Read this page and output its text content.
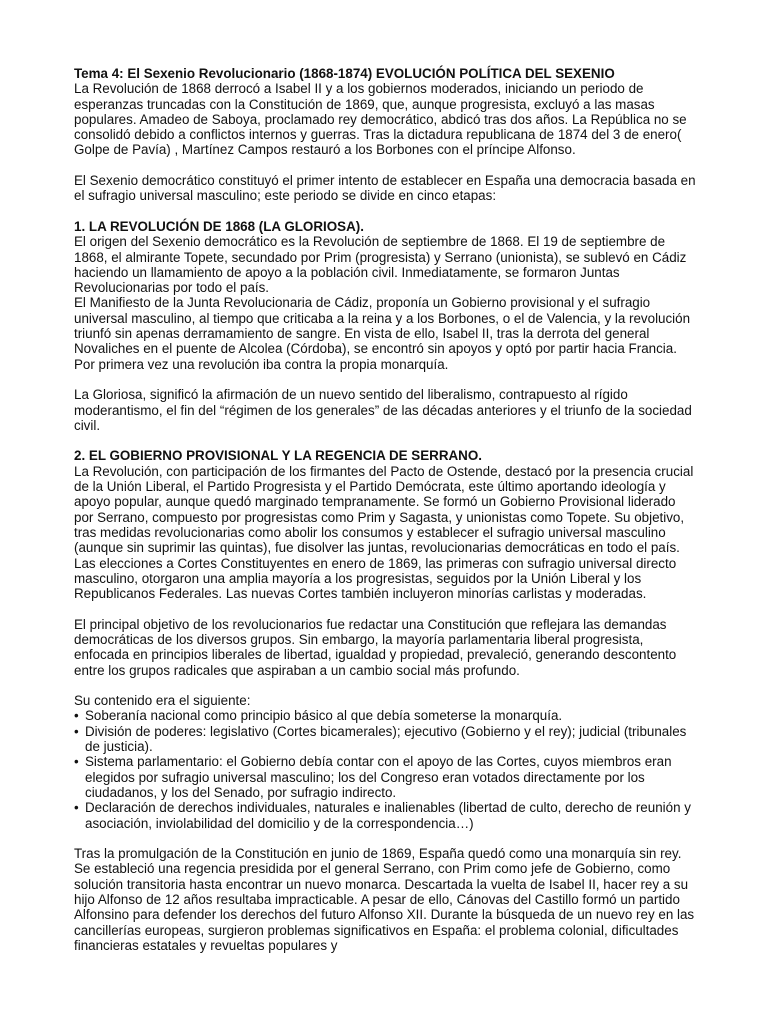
Tema 4: El Sexenio Revolucionario (1868-1874) EVOLUCIÓN POLÍTICA DEL SEXENIO

La Revolución de 1868 derrocó a Isabel II y a los gobiernos moderados, iniciando un periodo de esperanzas truncadas con la Constitución de 1869, que, aunque progresista, excluyó a las masas populares. Amadeo de Saboya, proclamado rey democrático, abdicó tras dos años. La República no se consolidó debido a conflictos internos y guerras. Tras la dictadura republicana de 1874 del 3 de enero( Golpe de Pavía) , Martínez Campos restauró a los Borbones con el príncipe Alfonso.

El Sexenio democrático constituyó el primer intento de establecer en España una democracia basada en el sufragio universal masculino; este periodo se divide en cinco etapas:

1. LA REVOLUCIÓN DE 1868 (LA GLORIOSA).

El origen del Sexenio democrático es la Revolución de septiembre de 1868. El 19 de septiembre de 1868, el almirante Topete, secundado por Prim (progresista) y Serrano (unionista), se sublevó en Cádiz haciendo un llamamiento de apoyo a la población civil. Inmediatamente, se formaron Juntas Revolucionarias por todo el país.

El Manifiesto de la Junta Revolucionaria de Cádiz, proponía un Gobierno provisional y el sufragio universal masculino, al tiempo que criticaba a la reina y a los Borbones, o el de Valencia, y la revolución triunfó sin apenas derramamiento de sangre. En vista de ello, Isabel II, tras la derrota del general Novaliches en el puente de Alcolea (Córdoba), se encontró sin apoyos y optó por partir hacia Francia. Por primera vez una revolución iba contra la propia monarquía.

La Gloriosa, significó la afirmación de un nuevo sentido del liberalismo, contrapuesto al rígido moderantismo, el fin del “régimen de los generales” de las décadas anteriores y el triunfo de la sociedad civil.

2. EL GOBIERNO PROVISIONAL Y LA REGENCIA DE SERRANO.

La Revolución, con participación de los firmantes del Pacto de Ostende, destacó por la presencia crucial de la Unión Liberal, el Partido Progresista y el Partido Demócrata, este último aportando ideología y apoyo popular, aunque quedó marginado tempranamente. Se formó un Gobierno Provisional liderado por Serrano, compuesto por progresistas como Prim y Sagasta, y unionistas como Topete. Su objetivo, tras medidas revolucionarias como abolir los consumos y establecer el sufragio universal masculino (aunque sin suprimir las quintas), fue disolver las juntas, revolucionarias democráticas en todo el país. Las elecciones a Cortes Constituyentes en enero de 1869, las primeras con sufragio universal directo masculino, otorgaron una amplia mayoría a los progresistas, seguidos por la Unión Liberal y los Republicanos Federales. Las nuevas Cortes también incluyeron minorías carlistas y moderadas.

El principal objetivo de los revolucionarios fue redactar una Constitución que reflejara las demandas democráticas de los diversos grupos. Sin embargo, la mayoría parlamentaria liberal progresista, enfocada en principios liberales de libertad, igualdad y propiedad, prevaleció, generando descontento entre los grupos radicales que aspiraban a un cambio social más profundo.

Su contenido era el siguiente:

• Soberanía nacional como principio básico al que debía someterse la monarquía.
• División de poderes: legislativo (Cortes bicamerales); ejecutivo (Gobierno y el rey); judicial (tribunales de justicia).
• Sistema parlamentario: el Gobierno debía contar con el apoyo de las Cortes, cuyos miembros eran elegidos por sufragio universal masculino; los del Congreso eran votados directamente por los ciudadanos, y los del Senado, por sufragio indirecto.
• Declaración de derechos individuales, naturales e inalienables (libertad de culto, derecho de reunión y asociación, inviolabilidad del domicilio y de la correspondencia…)

Tras la promulgación de la Constitución en junio de 1869, España quedó como una monarquía sin rey. Se estableció una regencia presidida por el general Serrano, con Prim como jefe de Gobierno, como solución transitoria hasta encontrar un nuevo monarca. Descartada la vuelta de Isabel II, hacer rey a su hijo Alfonso de 12 años resultaba impracticable. A pesar de ello, Cánovas del Castillo formó un partido Alfonsino para defender los derechos del futuro Alfonso XII. Durante la búsqueda de un nuevo rey en las cancillerías europeas, surgieron problemas significativos en España: el problema colonial, dificultades financieras estatales y revueltas populares y
